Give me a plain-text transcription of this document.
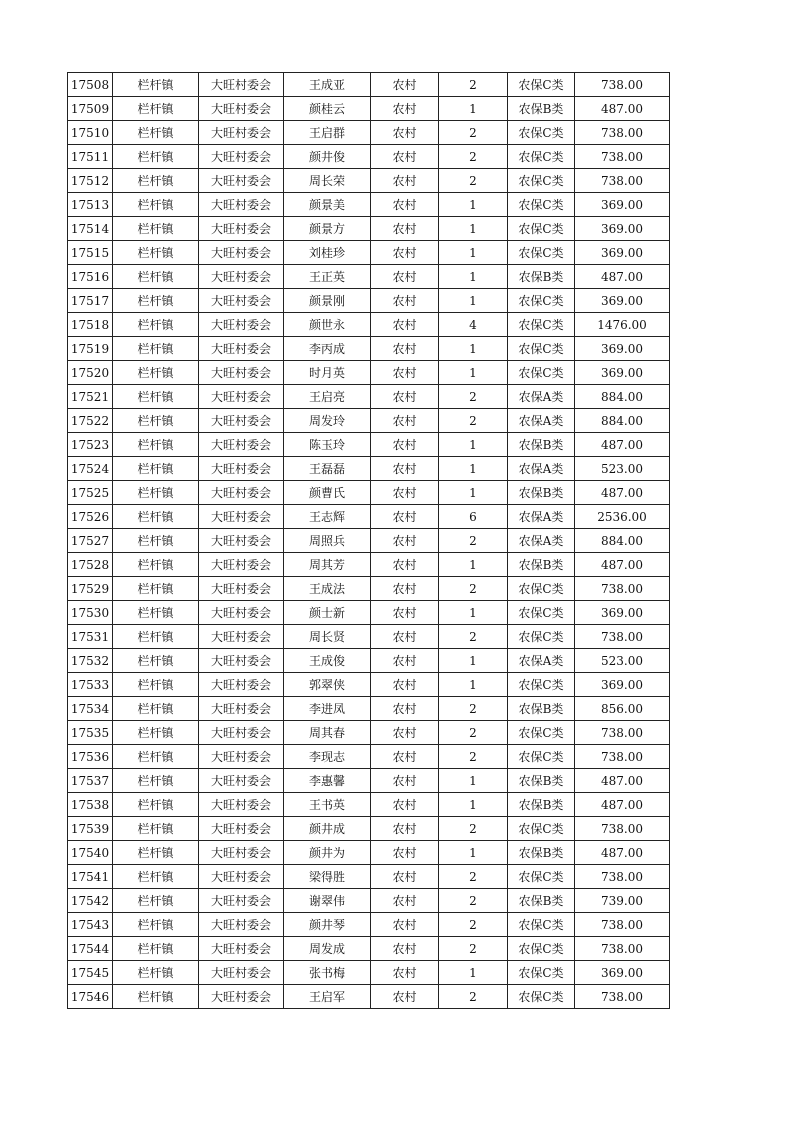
17508	栏杆镇	大旺村委会	王成亚	农村	2	农保C类	738.00
17509	栏杆镇	大旺村委会	颜桂云	农村	1	农保B类	487.00
17510	栏杆镇	大旺村委会	王启群	农村	2	农保C类	738.00
17511	栏杆镇	大旺村委会	颜井俊	农村	2	农保C类	738.00
17512	栏杆镇	大旺村委会	周长荣	农村	2	农保C类	738.00
17513	栏杆镇	大旺村委会	颜景美	农村	1	农保C类	369.00
17514	栏杆镇	大旺村委会	颜景方	农村	1	农保C类	369.00
17515	栏杆镇	大旺村委会	刘桂珍	农村	1	农保C类	369.00
17516	栏杆镇	大旺村委会	王正英	农村	1	农保B类	487.00
17517	栏杆镇	大旺村委会	颜景刚	农村	1	农保C类	369.00
17518	栏杆镇	大旺村委会	颜世永	农村	4	农保C类	1476.00
17519	栏杆镇	大旺村委会	李丙成	农村	1	农保C类	369.00
17520	栏杆镇	大旺村委会	时月英	农村	1	农保C类	369.00
17521	栏杆镇	大旺村委会	王启亮	农村	2	农保A类	884.00
17522	栏杆镇	大旺村委会	周发玲	农村	2	农保A类	884.00
17523	栏杆镇	大旺村委会	陈玉玲	农村	1	农保B类	487.00
17524	栏杆镇	大旺村委会	王磊磊	农村	1	农保A类	523.00
17525	栏杆镇	大旺村委会	颜曹氏	农村	1	农保B类	487.00
17526	栏杆镇	大旺村委会	王志辉	农村	6	农保A类	2536.00
17527	栏杆镇	大旺村委会	周照兵	农村	2	农保A类	884.00
17528	栏杆镇	大旺村委会	周其芳	农村	1	农保B类	487.00
17529	栏杆镇	大旺村委会	王成法	农村	2	农保C类	738.00
17530	栏杆镇	大旺村委会	颜士新	农村	1	农保C类	369.00
17531	栏杆镇	大旺村委会	周长贤	农村	2	农保C类	738.00
17532	栏杆镇	大旺村委会	王成俊	农村	1	农保A类	523.00
17533	栏杆镇	大旺村委会	郭翠侠	农村	1	农保C类	369.00
17534	栏杆镇	大旺村委会	李进凤	农村	2	农保B类	856.00
17535	栏杆镇	大旺村委会	周其春	农村	2	农保C类	738.00
17536	栏杆镇	大旺村委会	李现志	农村	2	农保C类	738.00
17537	栏杆镇	大旺村委会	李惠馨	农村	1	农保B类	487.00
17538	栏杆镇	大旺村委会	王书英	农村	1	农保B类	487.00
17539	栏杆镇	大旺村委会	颜井成	农村	2	农保C类	738.00
17540	栏杆镇	大旺村委会	颜井为	农村	1	农保B类	487.00
17541	栏杆镇	大旺村委会	梁得胜	农村	2	农保C类	738.00
17542	栏杆镇	大旺村委会	谢翠伟	农村	2	农保B类	739.00
17543	栏杆镇	大旺村委会	颜井琴	农村	2	农保C类	738.00
17544	栏杆镇	大旺村委会	周发成	农村	2	农保C类	738.00
17545	栏杆镇	大旺村委会	张书梅	农村	1	农保C类	369.00
17546	栏杆镇	大旺村委会	王启军	农村	2	农保C类	738.00
